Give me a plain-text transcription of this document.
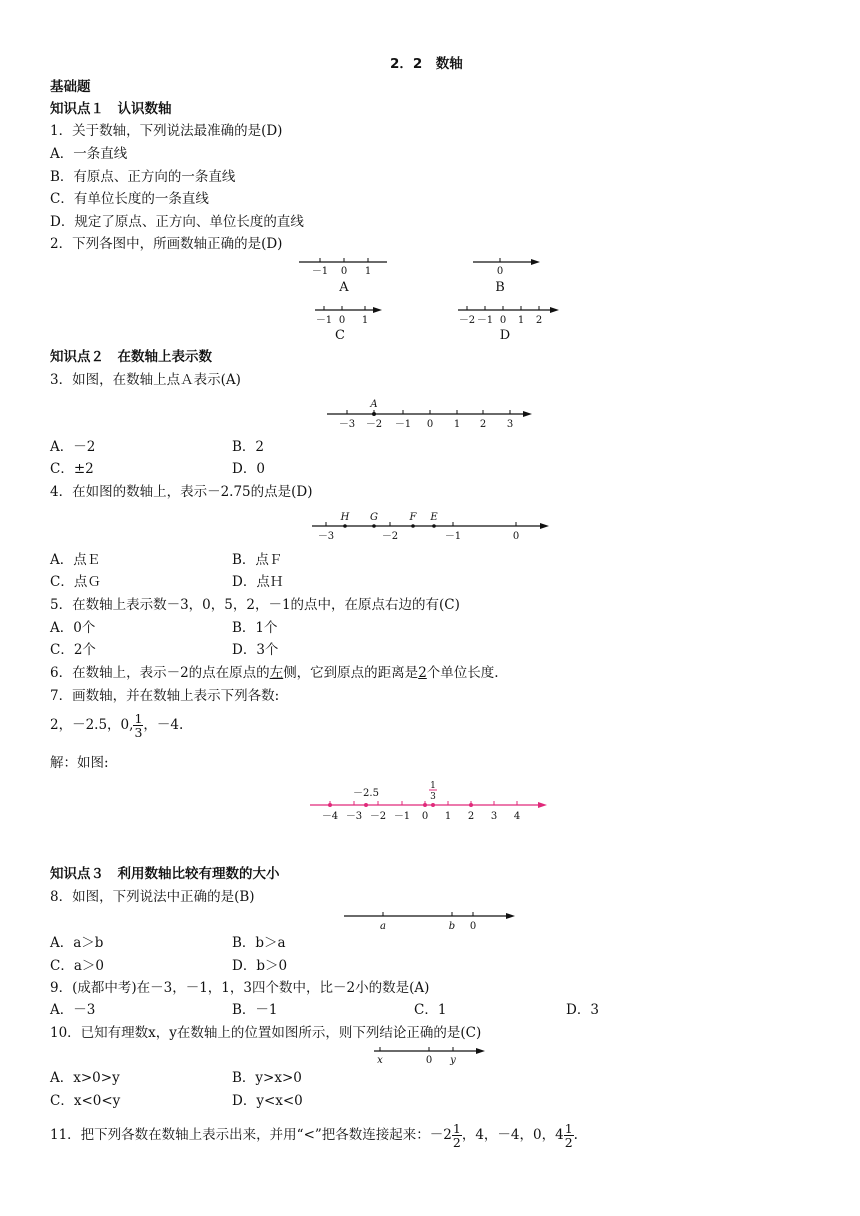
2．2　数轴
基础题
知识点１　认识数轴
1．关于数轴，下列说法最准确的是(D)
A．一条直线
B．有原点、正方向的一条直线
C．有单位长度的一条直线
D．规定了原点、正方向、单位长度的直线
2．下列各图中，所画数轴正确的是(D)
－1 0 1
A
0
B
－1 0 1
C
－2 －1 0 1 2
D
知识点２　在数轴上表示数
3．如图，在数轴上点Ａ表示(A)
A
－3 －2 －1 0 1 2 3
A．－2	B．2
C．±2	D．0
4．在如图的数轴上，表示－2.75的点是(D)
H G	F E
－3	－2	－1	0
A．点Ｅ	B．点Ｆ
C．点Ｇ	D．点Ｈ
5．在数轴上表示数－3，0，5，2，－1的点中，在原点右边的有(C)
A．0个	B．1个
C．2个	D．3个
6．在数轴上，表示－2的点在原点的左侧，它到原点的距离是2个单位长度.
7．画数轴，并在数轴上表示下列各数:
2，－2.5，0, $\frac{1}{3}$ ，－4.
解：如图:
－2.5
1
3
－4 －3 －2 －1 0 1 2 3 4
知识点３　利用数轴比较有理数的大小
8．如图，下列说法中正确的是(B)
a	b 0
A．a＞b	B．b＞a
C．a＞0	D．b＞0
9．(成都中考)在－3，－1，1，3四个数中，比－2小的数是(A)
A．－3	B．－1	C．1	D．3
10．已知有理数x，y在数轴上的位置如图所示，则下列结论正确的是(C)
x	0 y
A．x>0>y	B．y>x>0
C．x<0<y	D．y<x<0
11．把下列各数在数轴上表示出来，并用“<”把各数连接起来：$-2 \frac{1}{2}$ ，4，－4，0，$4 \frac{1}{2}$ .
